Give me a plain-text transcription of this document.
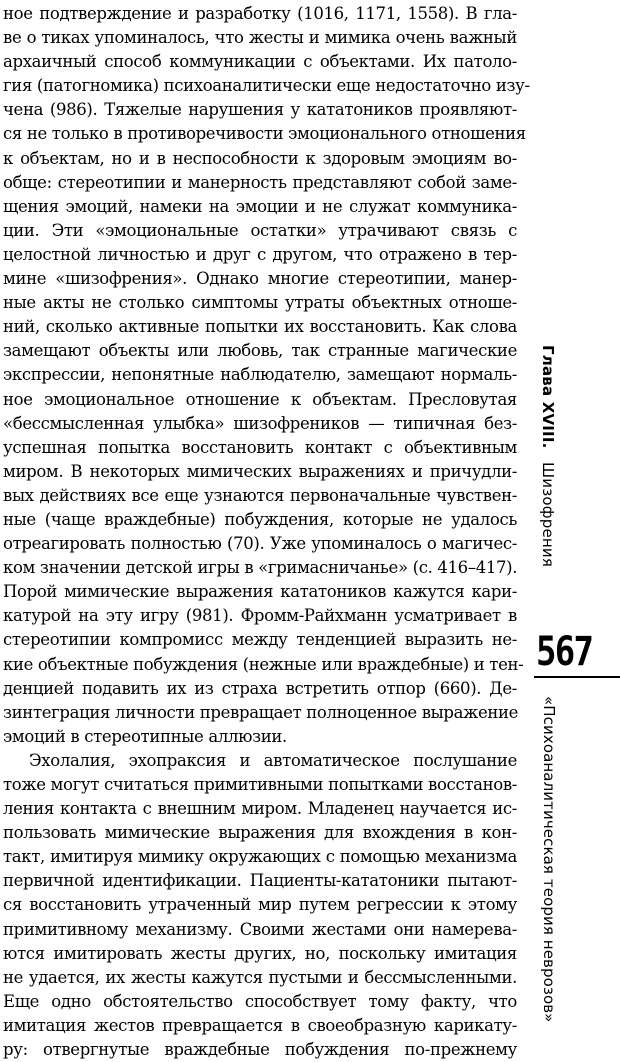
ное подтверждение и разработку (1016, 1171, 1558). В гла-
ве о тиках упоминалось, что жесты и мимика очень важный
архаичный способ коммуникации с объектами. Их патоло-
гия (патогномика) психоаналитически еще недостаточно изу-
чена (986). Тяжелые нарушения у кататоников проявляют-
ся не только в противоречивости эмоционального отношения
к объектам, но и в неспособности к здоровым эмоциям во-
обще: стереотипии и манерность представляют собой заме-
щения эмоций, намеки на эмоции и не служат коммуника-
ции. Эти «эмоциональные остатки» утрачивают связь с
целостной личностью и друг с другом, что отражено в тер-
мине «шизофрения». Однако многие стереотипии, манер-
ные акты не столько симптомы утраты объектных отноше-
ний, сколько активные попытки их восстановить. Как слова
замещают объекты или любовь, так странные магические
экспрессии, непонятные наблюдателю, замещают нормаль-
ное эмоциональное отношение к объектам. Пресловутая
«бессмысленная улыбка» шизофреников — типичная без-
успешная попытка восстановить контакт с объективным
миром. В некоторых мимических выражениях и причудли-
вых действиях все еще узнаются первоначальные чувствен-
ные (чаще враждебные) побуждения, которые не удалось
отреагировать полностью (70). Уже упоминалось о магичес-
ком значении детской игры в «гримасничанье» (с. 416–417).
Порой мимические выражения кататоников кажутся кари-
катурой на эту игру (981). Фромм-Райхманн усматривает в
стереотипии компромисс между тенденцией выразить не-
кие объектные побуждения (нежные или враждебные) и тен-
денцией подавить их из страха встретить отпор (660). Де-
зинтеграция личности превращает полноценное выражение
эмоций в стереотипные аллюзии.
Эхолалия, эхопраксия и автоматическое послушание
тоже могут считаться примитивными попытками восстанов-
ления контакта с внешним миром. Младенец научается ис-
пользовать мимические выражения для вхождения в кон-
такт, имитируя мимику окружающих с помощью механизма
первичной идентификации. Пациенты-кататоники пытают-
ся восстановить утраченный мир путем регрессии к этому
примитивному механизму. Своими жестами они намерева-
ются имитировать жесты других, но, поскольку имитация
не удается, их жесты кажутся пустыми и бессмысленными.
Еще одно обстоятельство способствует тому факту, что
имитация жестов превращается в своеобразную карикату-
ру: отвергнутые враждебные побуждения по-прежнему
Глава XVIII. Шизофрения
567
«Психоаналитическая теория неврозов»
